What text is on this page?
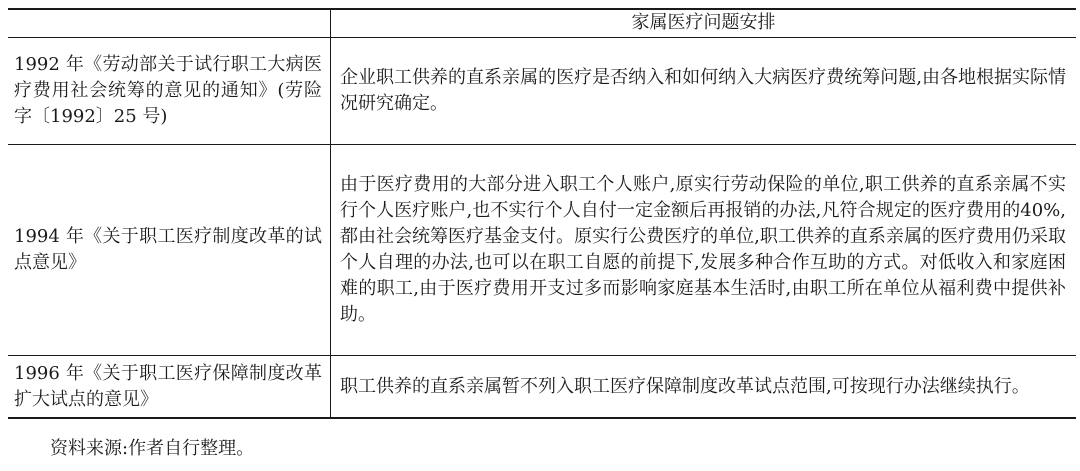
家属医疗问题安排
1992 年《劳动部关于试行职工大病医疗费用社会统筹的意见的通知》(劳险字〔1992〕25 号)
企业职工供养的直系亲属的医疗是否纳入和如何纳入大病医疗费统筹问题,由各地根据实际情况研究确定。
1994 年《关于职工医疗制度改革的试点意见》
由于医疗费用的大部分进入职工个人账户,原实行劳动保险的单位,职工供养的直系亲属不实行个人医疗账户,也不实行个人自付一定金额后再报销的办法,凡符合规定的医疗费用的40%,都由社会统筹医疗基金支付。原实行公费医疗的单位,职工供养的直系亲属的医疗费用仍采取个人自理的办法,也可以在职工自愿的前提下,发展多种合作互助的方式。对低收入和家庭困难的职工,由于医疗费用开支过多而影响家庭基本生活时,由职工所在单位从福利费中提供补助。
1996 年《关于职工医疗保障制度改革扩大试点的意见》
职工供养的直系亲属暂不列入职工医疗保障制度改革试点范围,可按现行办法继续执行。
资料来源:作者自行整理。
